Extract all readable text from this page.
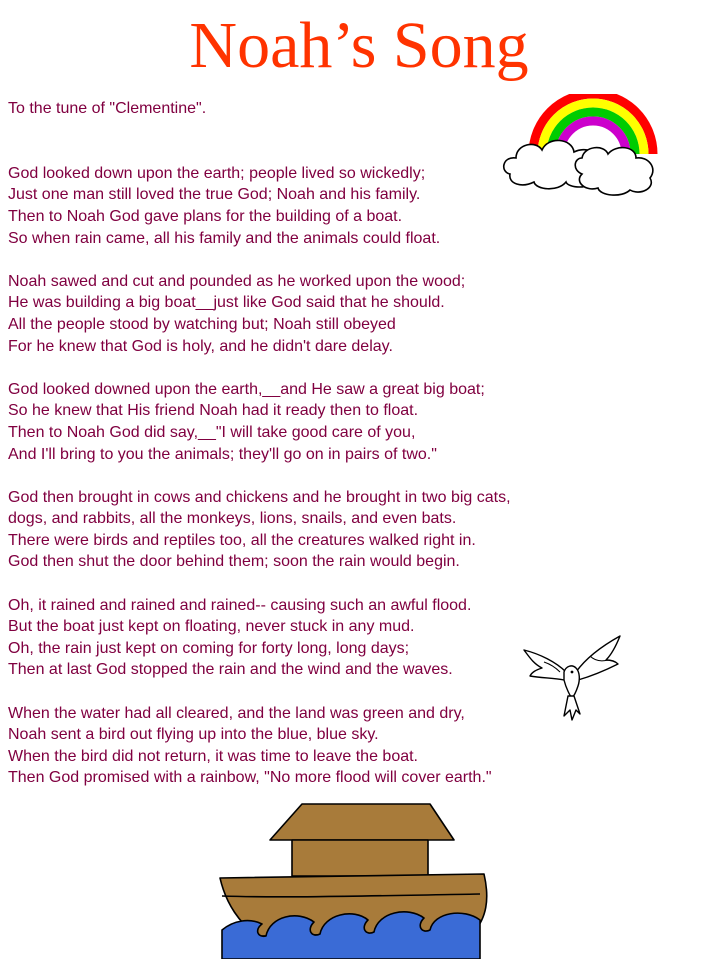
Noah’s Song
To the tune of "Clementine".
God looked down upon the earth; people lived so wickedly;
Just one man still loved the true God; Noah and his family.
Then to Noah God gave plans for the building of a boat.
So when rain came, all his family and the animals could float.
Noah sawed and cut and pounded as he worked upon the wood;
He was building a big boat__just like God said that he should.
All the people stood by watching but; Noah still obeyed
For he knew that God is holy, and he didn't dare delay.
God looked downed upon the earth,__and He saw a great big boat;
So he knew that His friend Noah had it ready then to float.
Then to Noah God did say,__"I will take good care of you,
And I'll bring to you the animals; they'll go on in pairs of two."
God then brought in cows and chickens and he brought in two big cats,
dogs, and rabbits, all the monkeys, lions, snails, and even bats.
There were birds and reptiles too, all the creatures walked right in.
God then shut the door behind them; soon the rain would begin.
Oh, it rained and rained and rained-- causing such an awful flood.
But the boat just kept on floating, never stuck in any mud.
Oh, the rain just kept on coming for forty long, long days;
Then at last God stopped the rain and the wind and the waves.
When the water had all cleared, and the land was green and dry,
Noah sent a bird out flying up into the blue, blue sky.
When the bird did not return, it was time to leave the boat.
Then God promised with a rainbow, "No more flood will cover earth."
